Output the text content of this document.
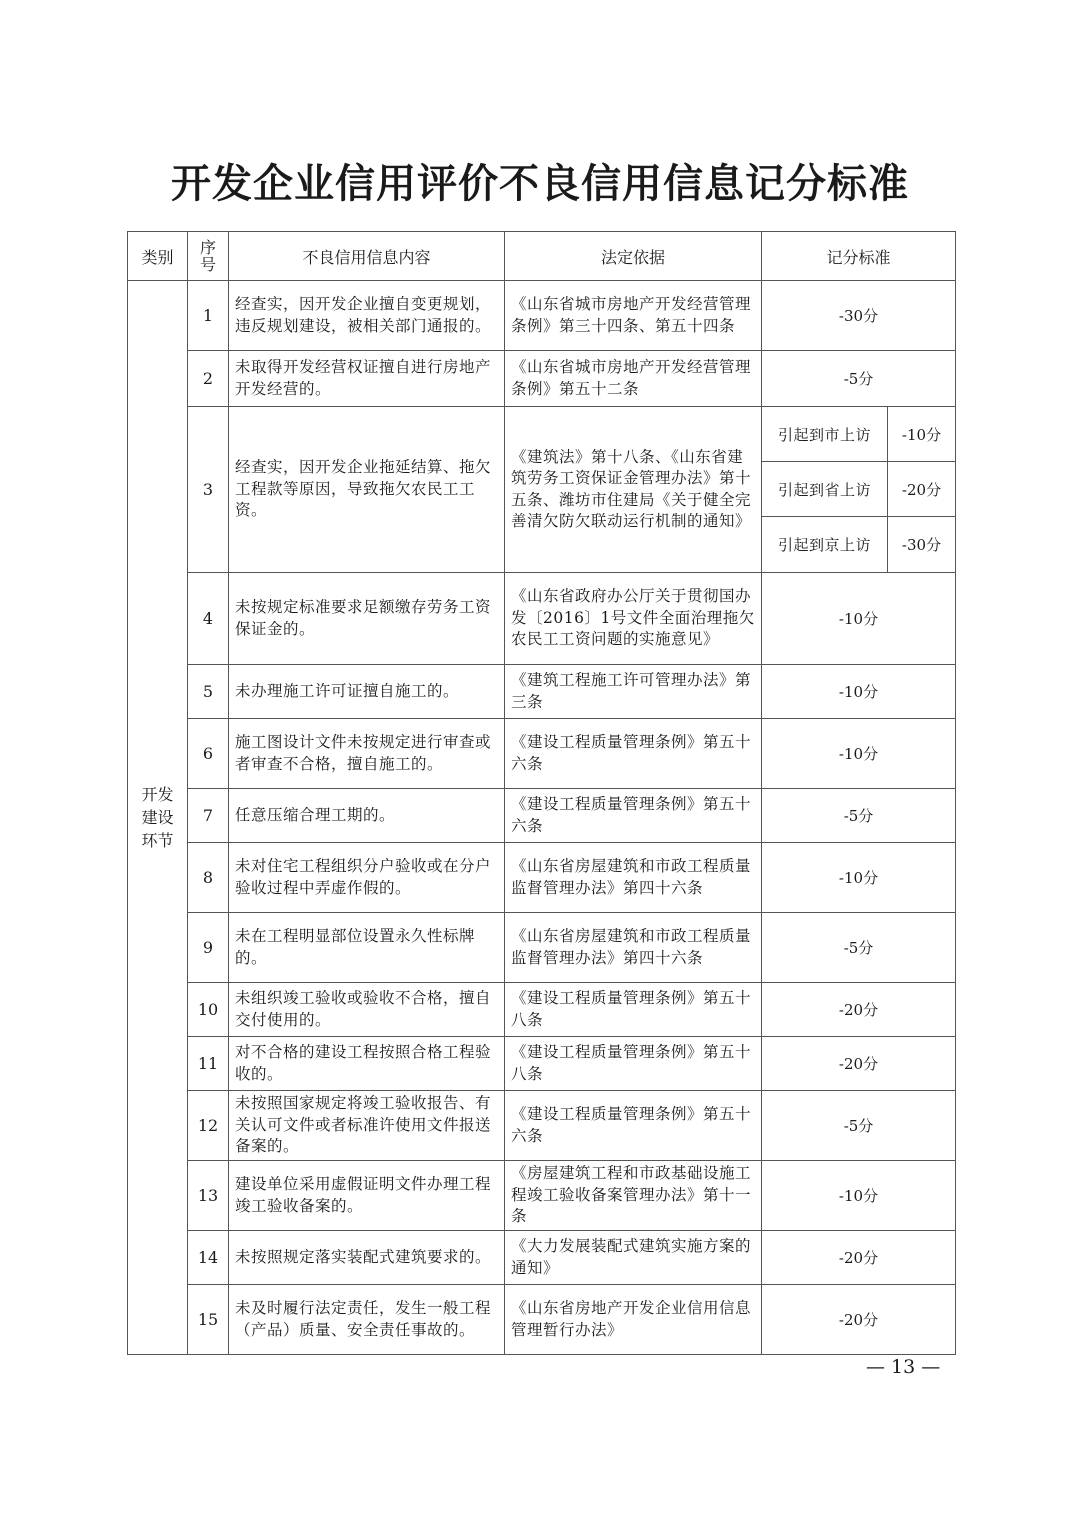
开发企业信用评价不良信用信息记分标准
类别	序号	不良信用信息内容	法定依据	记分标准	
开发建设环节	1	经查实，因开发企业擅自变更规划，违反规划建设，被相关部门通报的。	《山东省城市房地产开发经营管理条例》第三十四条、第五十四条	-30分	
	2	未取得开发经营权证擅自进行房地产开发经营的。	《山东省城市房地产开发经营管理条例》第五十二条	-5分	
	3	经查实，因开发企业拖延结算、拖欠工程款等原因，导致拖欠农民工工资。	《建筑法》第十八条、《山东省建筑劳务工资保证金管理办法》第十五条、潍坊市住建局《关于健全完善清欠防欠联动运行机制的通知》	引起到市上访	-10分
				引起到省上访	-20分
				引起到京上访	-30分
	4	未按规定标准要求足额缴存劳务工资保证金的。	《山东省政府办公厅关于贯彻国办发〔2016〕1号文件全面治理拖欠农民工工资问题的实施意见》	-10分	
	5	未办理施工许可证擅自施工的。	《建筑工程施工许可管理办法》第三条	-10分	
	6	施工图设计文件未按规定进行审查或者审查不合格，擅自施工的。	《建设工程质量管理条例》第五十六条	-10分	
	7	任意压缩合理工期的。	《建设工程质量管理条例》第五十六条	-5分	
	8	未对住宅工程组织分户验收或在分户验收过程中弄虚作假的。	《山东省房屋建筑和市政工程质量监督管理办法》第四十六条	-10分	
	9	未在工程明显部位设置永久性标牌的。	《山东省房屋建筑和市政工程质量监督管理办法》第四十六条	-5分	
	10	未组织竣工验收或验收不合格，擅自交付使用的。	《建设工程质量管理条例》第五十八条	-20分	
	11	对不合格的建设工程按照合格工程验收的。	《建设工程质量管理条例》第五十八条	-20分	
	12	未按照国家规定将竣工验收报告、有关认可文件或者标准许使用文件报送备案的。	《建设工程质量管理条例》第五十六条	-5分	
	13	建设单位采用虚假证明文件办理工程竣工验收备案的。	《房屋建筑工程和市政基础设施工程竣工验收备案管理办法》第十一条	-10分	
	14	未按照规定落实装配式建筑要求的。	《大力发展装配式建筑实施方案的通知》	-20分	
	15	未及时履行法定责任，发生一般工程（产品）质量、安全责任事故的。	《山东省房地产开发企业信用信息管理暂行办法》	-20分	
— 13 —
